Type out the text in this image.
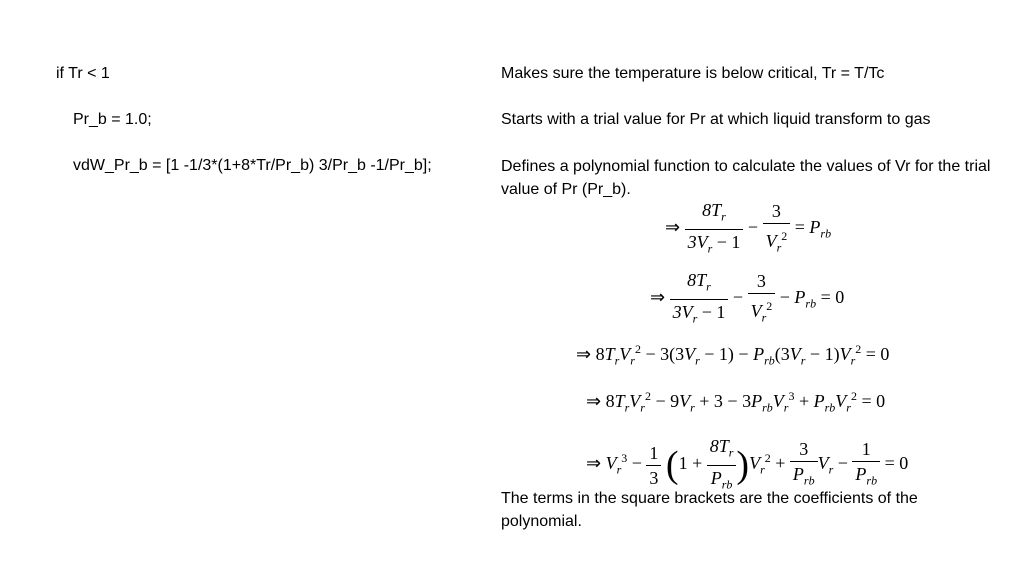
if Tr < 1
Pr_b = 1.0;
vdW_Pr_b = [1 -1/3*(1+8*Tr/Pr_b) 3/Pr_b -1/Pr_b];
Makes sure the temperature is below critical, Tr = T/Tc
Starts with a trial value for Pr at which liquid transform to gas
Defines a polynomial function to calculate the values of Vr for the trial value of Pr (Pr_b).
⇒ $\frac{8T_r}{3V_r - 1} - \frac{3}{V_r^2} = P_{rb}$
⇒ $\frac{8T_r}{3V_r - 1} - \frac{3}{V_r^2} - P_{rb} = 0$
⇒ $8T_rV_r^2 - 3(3V_r - 1) - P_{rb}(3V_r - 1)V_r^2 = 0$
⇒ $8T_rV_r^2 - 9V_r + 3 - 3P_{rb}V_r^3 + P_{rb}V_r^2 = 0$
⇒ $V_r^3 - \frac{1}{3} (1 + \frac{8T_r}{P_{rb}} )V_r^2 + \frac{3}{P_{rb}} V_r - \frac{1}{P_{rb}} = 0$
The terms in the square brackets are the coefficients of the polynomial.
